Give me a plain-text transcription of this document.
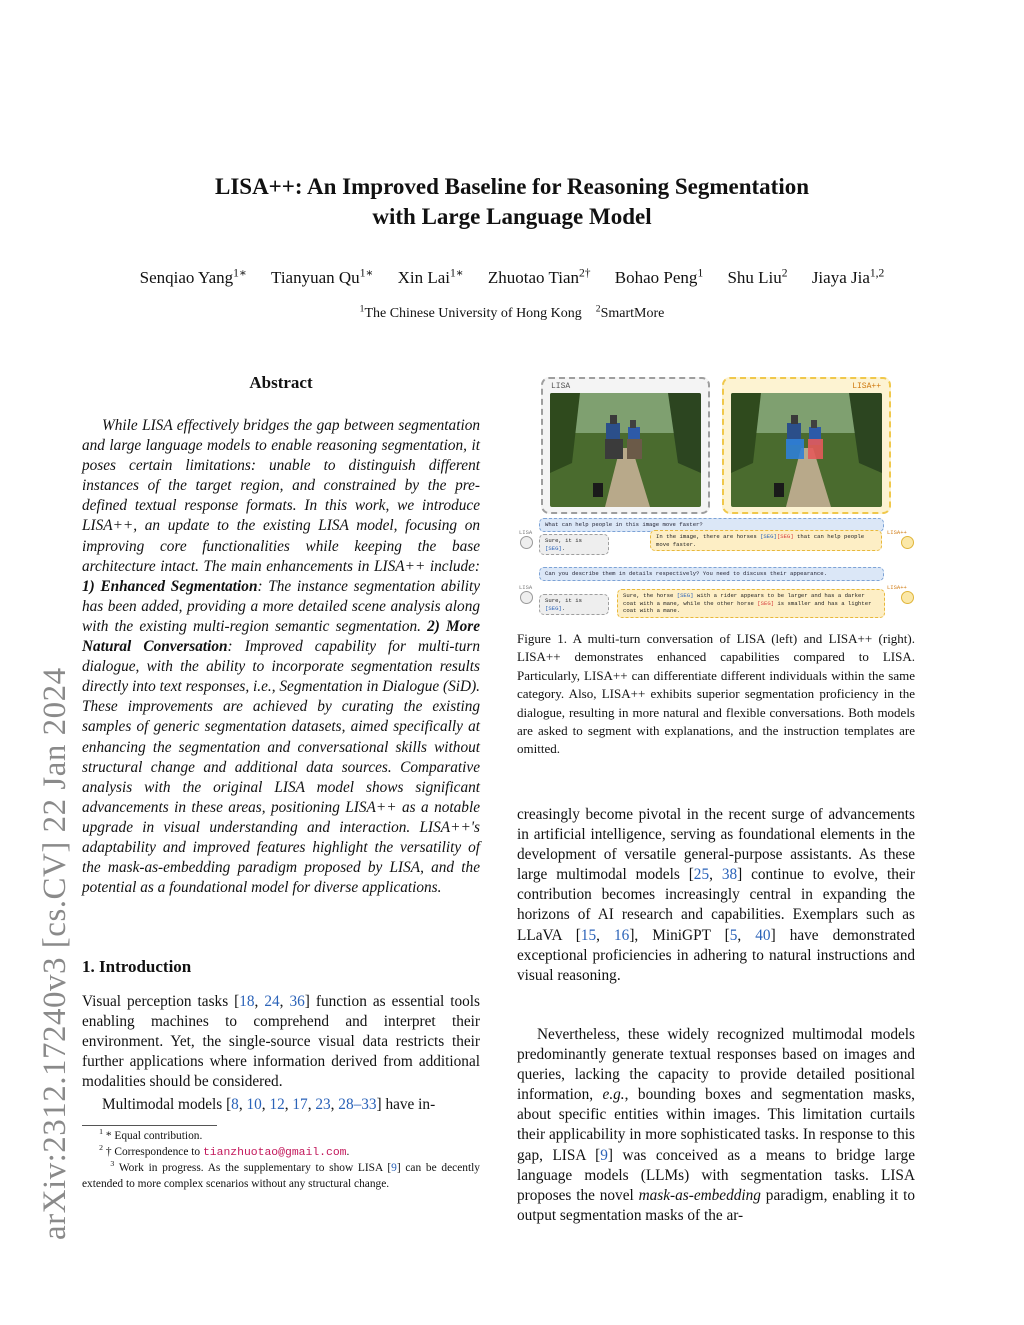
arXiv:2312.17240v3 [cs.CV] 22 Jan 2024
LISA++: An Improved Baseline for Reasoning Segmentation
with Large Language Model
Senqiao Yang$^{1∗}$ Tianyuan $Qu^{1∗}$ Xin Lai$^{1∗}$ Zhuotao Tian$^{2\dagger}$ Bohao Peng$^1$ Shu Liu$^2$ Jiaya Jia$^{1,2}$
$^1$The Chinese University of Hong Kong $^2$SmartMore
Abstract
While LISA effectively bridges the gap between segmentation and large language models to enable reasoning segmentation, it poses certain limitations: unable to distinguish different instances of the target region, and constrained by the pre-defined textual response formats. In this work, we introduce LISA++, an update to the existing LISA model, focusing on improving core functionalities while keeping the base architecture intact. The main enhancements in LISA++ include: 1) Enhanced Segmentation: The instance segmentation ability has been added, providing a more detailed scene analysis along with the existing multi-region semantic segmentation. 2) More Natural Conversation: Improved capability for multi-turn dialogue, with the ability to incorporate segmentation results directly into text responses, i.e., Segmentation in Dialogue (SiD). These improvements are achieved by curating the existing samples of generic segmentation datasets, aimed specifically at enhancing the segmentation and conversational skills without structural change and additional data sources. Comparative analysis with the original LISA model shows significant advancements in these areas, positioning LISA++ as a notable upgrade in visual understanding and interaction. LISA++'s adaptability and improved features highlight the versatility of the mask-as-embedding paradigm proposed by LISA, and the potential as a foundational model for diverse applications.
1. Introduction
Visual perception tasks [18, 24, 36] function as essential tools enabling machines to comprehend and interpret their environment. Yet, the single-source visual data restricts their further applications where information derived from additional modalities should be considered.
Multimodal models [8, 10, 12, 17, 23, 28–33] have in-
$^1$ * Equal contribution.
$^2$ † Correspondence to tianzhuotao@gmail.com.
$^3$ Work in progress. As the supplementary to show LISA [9] can be decently extended to more complex scenarios without any structural change.
LISA	LISA++
What can help people in this image move faster?
LISA
Sure, it is [SEG].
In the image, there are horses [SEG][SEG] that can help people move faster.
LISA++
Can you describe them in details respectively? You need to discuss their appearance.
LISA
Sure, it is [SEG].
Sure, the horse [SEG] with a rider appears to be larger and has a darker coat with a mane, while the other horse [SEG] is smaller and has a lighter coat with a mane.
LISA++
Figure 1. A multi-turn conversation of LISA (left) and LISA++ (right). LISA++ demonstrates enhanced capabilities compared to LISA. Particularly, LISA++ can differentiate different individuals within the same category. Also, LISA++ exhibits superior segmentation proficiency in the dialogue, resulting in more natural and flexible conversations. Both models are asked to segment with explanations, and the instruction templates are omitted.
creasingly become pivotal in the recent surge of advancements in artificial intelligence, serving as foundational elements in the development of versatile general-purpose assistants. As these large multimodal models [25, 38] continue to evolve, their contribution becomes increasingly central in expanding the horizons of AI research and capabilities. Exemplars such as LLaVA [15, 16], MiniGPT [5, 40] have demonstrated exceptional proficiencies in adhering to natural instructions and visual reasoning.
Nevertheless, these widely recognized multimodal models predominantly generate textual responses based on images and queries, lacking the capacity to provide detailed positional information, e.g., bounding boxes and segmentation masks, about specific entities within images. This limitation curtails their applicability in more sophisticated tasks. In response to this gap, LISA [9] was conceived as a means to bridge large language models (LLMs) with segmentation tasks. LISA proposes the novel mask-as-embedding paradigm, enabling it to output segmentation masks of the ar-
